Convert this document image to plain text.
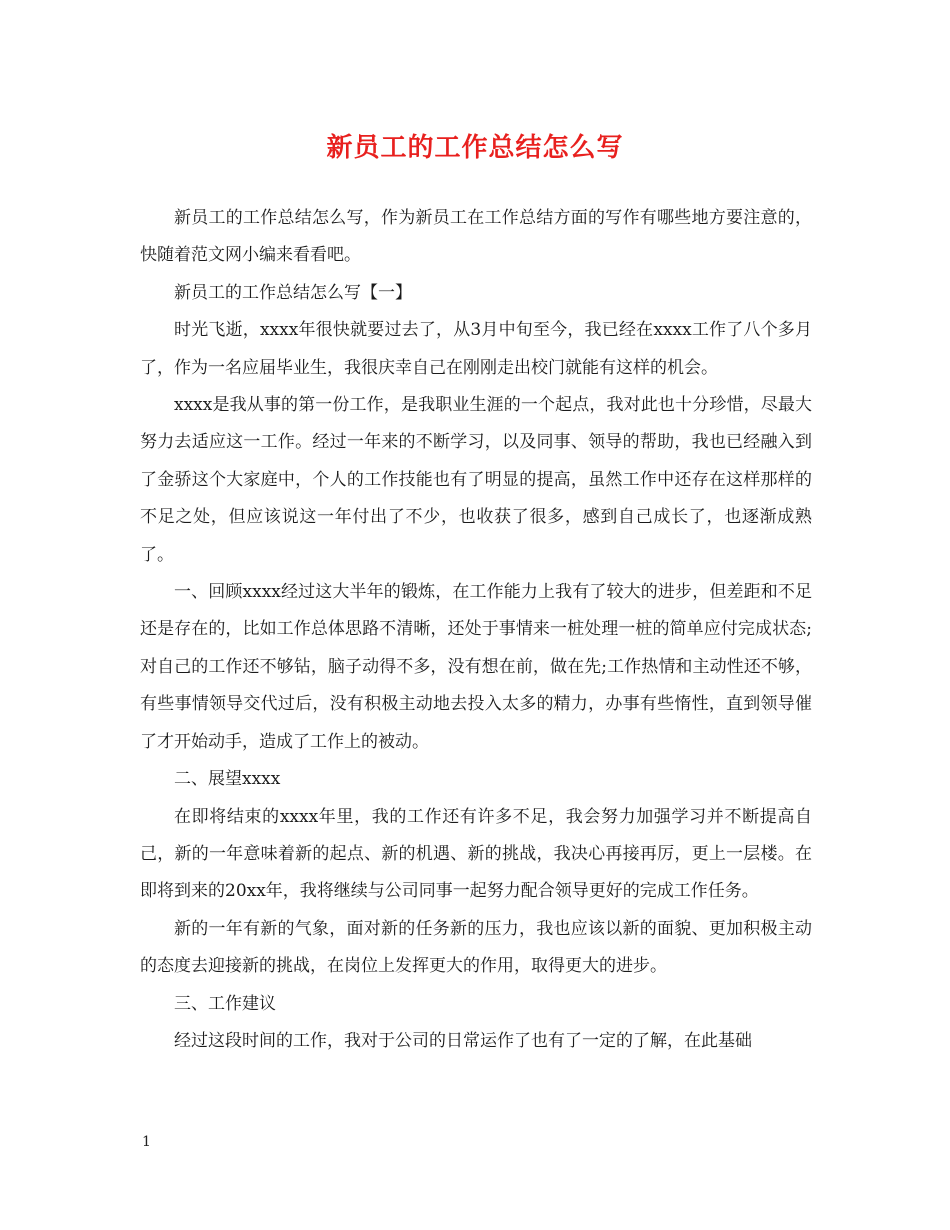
新员工的工作总结怎么写

新员工的工作总结怎么写，作为新员工在工作总结方面的写作有哪些地方要注意的，快随着范文网小编来看看吧。

新员工的工作总结怎么写【一】

时光飞逝，xxxx年很快就要过去了，从3月中旬至今，我已经在xxxx工作了八个多月了，作为一名应届毕业生，我很庆幸自己在刚刚走出校门就能有这样的机会。

xxxx是我从事的第一份工作，是我职业生涯的一个起点，我对此也十分珍惜，尽最大努力去适应这一工作。经过一年来的不断学习，以及同事、领导的帮助，我也已经融入到了金骄这个大家庭中，个人的工作技能也有了明显的提高，虽然工作中还存在这样那样的不足之处，但应该说这一年付出了不少，也收获了很多，感到自己成长了，也逐渐成熟了。

一、回顾xxxx经过这大半年的锻炼，在工作能力上我有了较大的进步，但差距和不足还是存在的，比如工作总体思路不清晰，还处于事情来一桩处理一桩的简单应付完成状态;对自己的工作还不够钻，脑子动得不多，没有想在前，做在先;工作热情和主动性还不够，有些事情领导交代过后，没有积极主动地去投入太多的精力，办事有些惰性，直到领导催了才开始动手，造成了工作上的被动。

二、展望xxxx

在即将结束的xxxx年里，我的工作还有许多不足，我会努力加强学习并不断提高自己，新的一年意味着新的起点、新的机遇、新的挑战，我决心再接再厉，更上一层楼。在即将到来的20xx年，我将继续与公司同事一起努力配合领导更好的完成工作任务。

新的一年有新的气象，面对新的任务新的压力，我也应该以新的面貌、更加积极主动的态度去迎接新的挑战，在岗位上发挥更大的作用，取得更大的进步。

三、工作建议

经过这段时间的工作，我对于公司的日常运作了也有了一定的了解，在此基础

1
